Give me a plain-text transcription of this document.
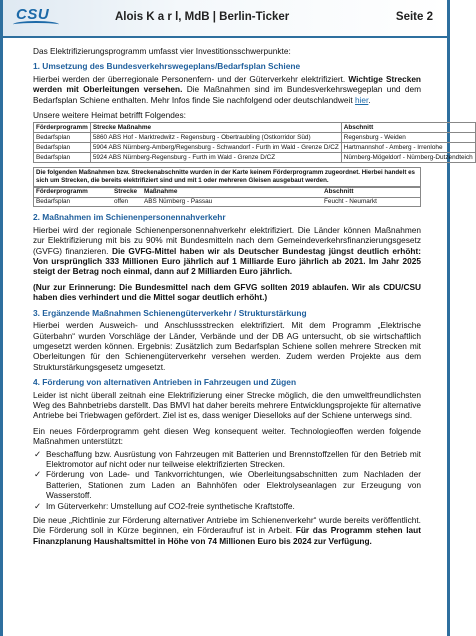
CSU	Alois K a r l, MdB | Berlin-Ticker	Seite 2

Das Elektrifizierungsprogramm umfasst vier Investitionsschwerpunkte:

1. Umsetzung des Bundesverkehrswegeplans/Bedarfsplan Schiene

Hierbei werden der überregionale Personenfern- und der Güterverkehr elektrifiziert. Wichtige Strecken werden mit Oberleitungen versehen. Die Maßnahmen sind im Bundesverkehrswegeplan und dem Bedarfsplan Schiene enthalten. Mehr Infos finde Sie nachfolgend oder deutschlandweit hier.

Unsere weitere Heimat betrifft Folgendes:

Förderprogramm	Strecke Maßnahme	Abschnitt
Bedarfsplan	5860 ABS Hof - Marktredwitz - Regensburg - Obertraubling (Ostkorridor Süd)	Regensburg - Weiden
Bedarfsplan	5904 ABS Nürnberg-Amberg/Regensburg - Schwandorf - Furth im Wald - Grenze D/CZ	Hartmannshof - Amberg - Irrenlohe
Bedarfsplan	5924 ABS Nürnberg-Regensburg - Furth im Wald - Grenze D/CZ	Nürnberg-Mögeldorf - Nürnberg-Dutzendteich
Die folgenden Maßnahmen bzw. Streckenabschnitte wurden in der Karte keinem Förderprogramm zugeordnet. Hierbei handelt es sich um Strecken, die bereits elektrifiziert sind und mit 1 oder mehreren Gleisen ausgebaut werden.
Förderprogramm	Strecke	Maßnahme	Abschnitt
Bedarfsplan	offen	ABS Nürnberg - Passau	Feucht - Neumarkt
2. Maßnahmen im Schienenpersonennahverkehr

Hierbei wird der regionale Schienenpersonennahverkehr elektrifiziert. Die Länder können Maßnahmen zur Elektrifizierung mit bis zu 90% mit Bundesmitteln nach dem Gemeindeverkehrsfinanzierungsgesetz (GVFG) finanzieren. Die GVFG-Mittel haben wir als Deutscher Bundestag jüngst deutlich erhöht: Von ursprünglich 333 Millionen Euro jährlich auf 1 Milliarde Euro jährlich ab 2021. Im Jahr 2025 steigt der Betrag noch einmal, dann auf 2 Milliarden Euro jährlich.

(Nur zur Erinnerung: Die Bundesmittel nach dem GFVG sollten 2019 ablaufen. Wir als CDU/CSU haben dies verhindert und die Mittel sogar deutlich erhöht.)

3. Ergänzende Maßnahmen Schienengüterverkehr / Strukturstärkung

Hierbei werden Ausweich- und Anschlussstrecken elektrifiziert. Mit dem Programm „Elektrische Güterbahn“ wurden Vorschläge der Länder, Verbände und der DB AG untersucht, ob sie wirtschaftlich umgesetzt werden können. Ergebnis: Zusätzlich zum Bedarfsplan Schiene sollen mehrere Strecken mit Oberleitungen für den Schienengüterverkehr versehen werden. Zudem werden Projekte aus dem Strukturstärkungsgesetz umgesetzt.

4. Förderung von alternativen Antrieben in Fahrzeugen und Zügen

Leider ist nicht überall zeitnah eine Elektrifizierung einer Strecke möglich, die den umweltfreundlichsten Weg des Bahnbetriebs darstellt. Das BMVI hat daher bereits mehrere Entwicklungsprojekte für alternative Antriebe bei Triebwagen gefördert. Ziel ist es, dass weniger Dieselloks auf der Schiene unterwegs sind.

Ein neues Förderprogramm geht diesen Weg konsequent weiter. Technologieoffen werden folgende Maßnahmen unterstützt:

✓ Beschaffung bzw. Ausrüstung von Fahrzeugen mit Batterien und Brennstoffzellen für den Betrieb mit Elektromotor auf nicht oder nur teilweise elektrifizierten Strecken.
✓ Förderung von Lade- und Tankvorrichtungen, wie Oberleitungsabschnitten zum Nachladen der Batterien, Stationen zum Laden an Bahnhöfen oder Elektrolyseanlagen zur Erzeugung von Wasserstoff.
✓ Im Güterverkehr: Umstellung auf CO2-freie synthetische Kraftstoffe.

Die neue „Richtlinie zur Förderung alternativer Antriebe im Schienenverkehr“ wurde bereits veröffentlicht. Die Förderung soll in Kürze beginnen, ein Förderaufruf ist in Arbeit. Für das Programm stehen laut Finanzplanung Haushaltsmittel in Höhe von 74 Millionen Euro bis 2024 zur Verfügung.
